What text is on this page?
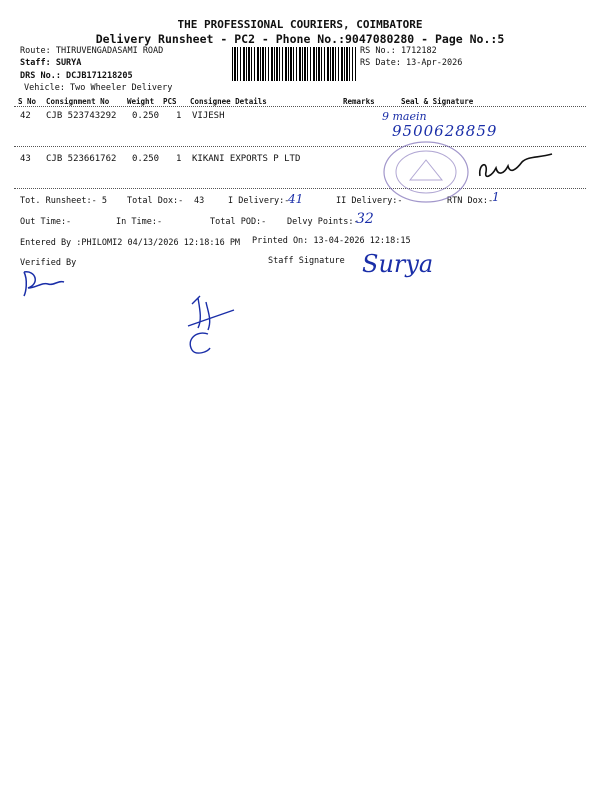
THE PROFESSIONAL COURIERS, COIMBATORE
Delivery Runsheet - PC2 - Phone No.:9047080280 - Page No.:5
Route: THIRUVENGADASAMI ROAD
Staff: SURYA
DRS No.: DCJB171218205
Vehicle: Two Wheeler Delivery
RS No.: 1712182
RS Date: 13-Apr-2026
S No Consignment No Weight PCS Consignee Details	Remarks	Seal & Signature
42 CJB 523743292 0.250 1 VIJESH
43 CJB 523661762 0.250 1 KIKANI EXPORTS P LTD
Tot. Runsheet:- 5 Total Dox:- 43	I Delivery:-	II Delivery:-	RTN Dox:-
Out Time:-	In Time:-	Total POD:- Delvy Points:-
Entered By :PHILOMI2 04/13/2026 12:18:16 PM Printed On: 13-04-2026 12:18:15
Verified By	Staff Signature
9 maein
9500628859
41	1
32
Surya
